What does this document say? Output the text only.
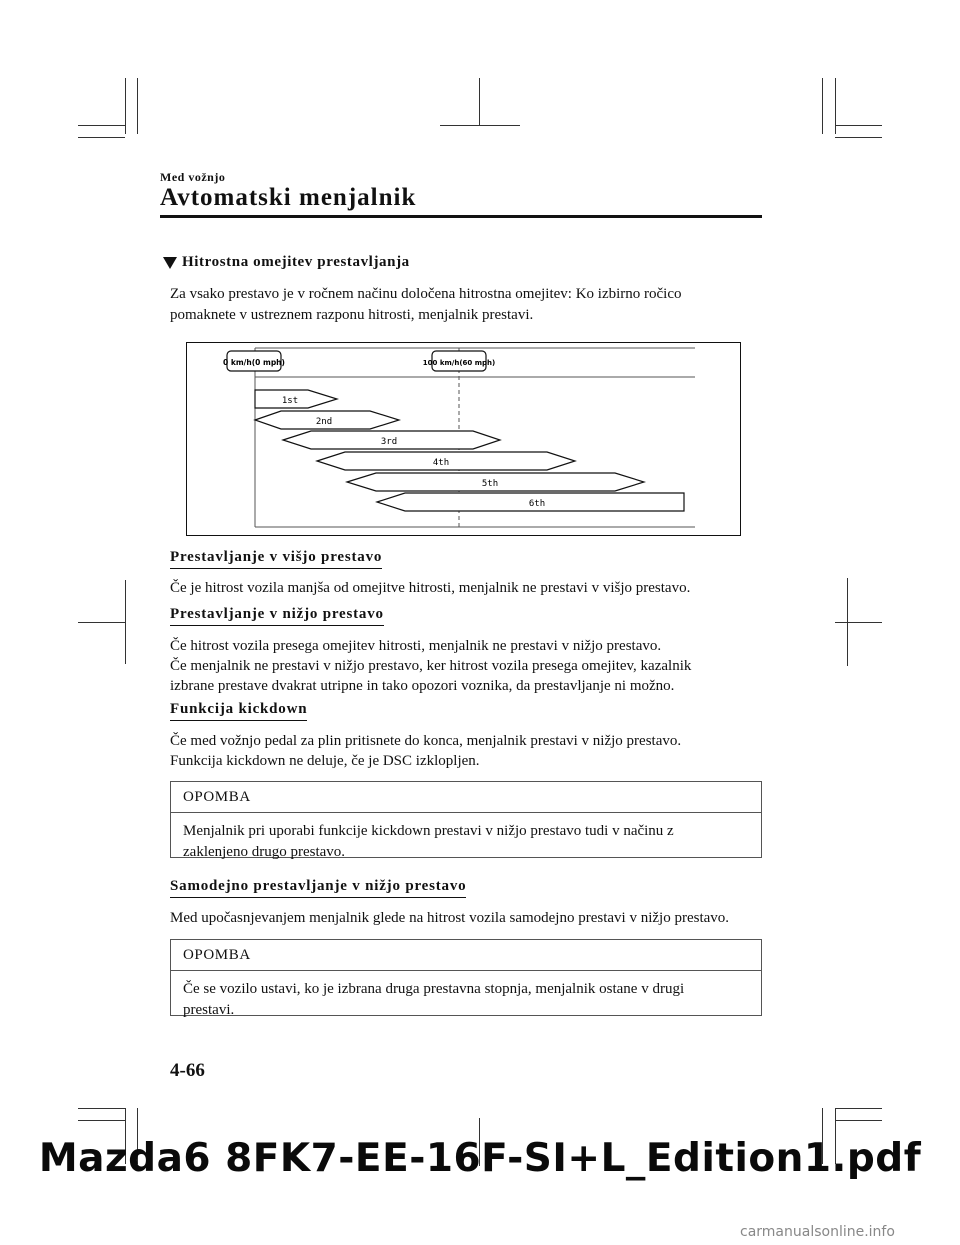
Med vožnjo
Avtomatski menjalnik
Hitrostna omejitev prestavljanja
Za vsako prestavo je v ročnem načinu določena hitrostna omejitev: Ko izbirno ročico
pomaknete v ustreznem razponu hitrosti, menjalnik prestavi.
0 km/h(0 mph)	100 km/h(60 mph)
1st
2nd
3rd
4th
5th
6th
Prestavljanje v višjo prestavo
Če je hitrost vozila manjša od omejitve hitrosti, menjalnik ne prestavi v višjo prestavo.
Prestavljanje v nižjo prestavo
Če hitrost vozila presega omejitev hitrosti, menjalnik ne prestavi v nižjo prestavo.
Če menjalnik ne prestavi v nižjo prestavo, ker hitrost vozila presega omejitev, kazalnik
izbrane prestave dvakrat utripne in tako opozori voznika, da prestavljanje ni možno.
Funkcija kickdown
Če med vožnjo pedal za plin pritisnete do konca, menjalnik prestavi v nižjo prestavo.
Funkcija kickdown ne deluje, če je DSC izklopljen.
OPOMBA
Menjalnik pri uporabi funkcije kickdown prestavi v nižjo prestavo tudi v načinu z
zaklenjeno drugo prestavo.
Samodejno prestavljanje v nižjo prestavo
Med upočasnjevanjem menjalnik glede na hitrost vozila samodejno prestavi v nižjo prestavo.
OPOMBA
Če se vozilo ustavi, ko je izbrana druga prestavna stopnja, menjalnik ostane v drugi
prestavi.
4-66
Mazda6 8FK7-EE-16F-SI+L_Edition1.pdf
carmanualsonline.info
